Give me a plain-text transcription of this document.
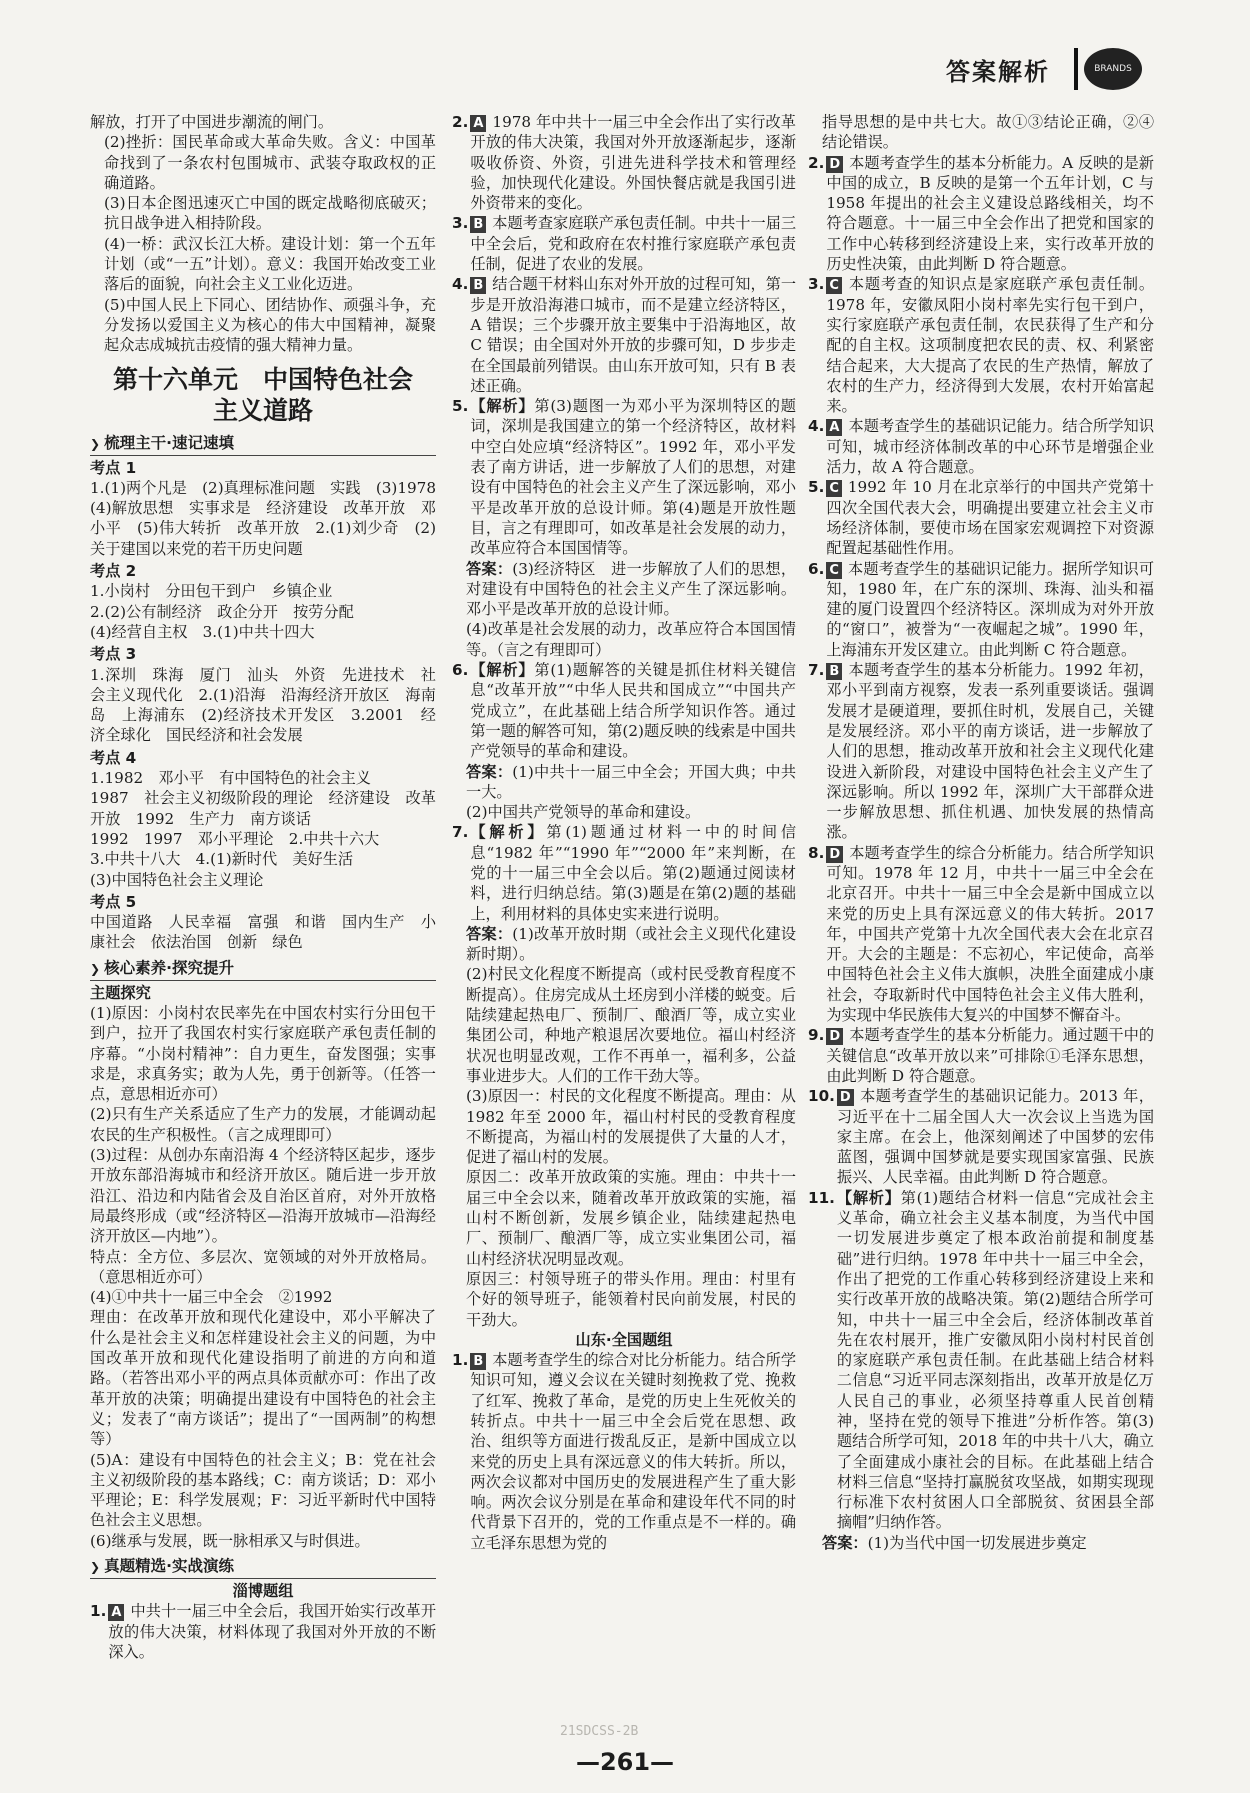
答案解析	BRANDS

解放，打开了中国进步潮流的闸门。

(2)挫折：国民革命或大革命失败。含义：中国革命找到了一条农村包围城市、武装夺取政权的正确道路。

(3)日本企图迅速灭亡中国的既定战略彻底破灭；抗日战争进入相持阶段。

(4)一桥：武汉长江大桥。建设计划：第一个五年计划（或“一五”计划）。意义：我国开始改变工业落后的面貌，向社会主义工业化迈进。

(5)中国人民上下同心、团结协作、顽强斗争，充分发扬以爱国主义为核心的伟大中国精神，凝聚起众志成城抗击疫情的强大精神力量。

第十六单元　中国特色社会
主义道路
❯ 梳理主干·速记速填
考点 1

1.(1)两个凡是　(2)真理标准问题　实践　(3)1978　(4)解放思想　实事求是　经济建设　改革开放　邓小平　(5)伟大转折　改革开放　2.(1)刘少奇　(2)关于建国以来党的若干历史问题

考点 2

1.小岗村　分田包干到户　乡镇企业

2.(2)公有制经济　政企分开　按劳分配

(4)经营自主权　3.(1)中共十四大

考点 3

1.深圳　珠海　厦门　汕头　外资　先进技术　社会主义现代化　2.(1)沿海　沿海经济开放区　海南岛　上海浦东　(2)经济技术开发区　3.2001　经济全球化　国民经济和社会发展

考点 4

1.1982　邓小平　有中国特色的社会主义

1987　社会主义初级阶段的理论　经济建设　改革开放　1992　生产力　南方谈话

1992　1997　邓小平理论　2.中共十六大

3.中共十八大　4.(1)新时代　美好生活

(3)中国特色社会主义理论

考点 5

中国道路　人民幸福　富强　和谐　国内生产　小康社会　依法治国　创新　绿色

❯ 核心素养·探究提升
主题探究

(1)原因：小岗村农民率先在中国农村实行分田包干到户，拉开了我国农村实行家庭联产承包责任制的序幕。“小岗村精神”：自力更生，奋发图强；实事求是，求真务实；敢为人先，勇于创新等。（任答一点，意思相近亦可）

(2)只有生产关系适应了生产力的发展，才能调动起农民的生产积极性。（言之成理即可）

(3)过程：从创办东南沿海 4 个经济特区起步，逐步开放东部沿海城市和经济开放区。随后进一步开放沿江、沿边和内陆省会及自治区首府，对外开放格局最终形成（或“经济特区—沿海开放城市—沿海经济开放区—内地”）。

特点：全方位、多层次、宽领域的对外开放格局。（意思相近亦可）

(4)①中共十一届三中全会　②1992

理由：在改革开放和现代化建设中，邓小平解决了什么是社会主义和怎样建设社会主义的问题，为中国改革开放和现代化建设指明了前进的方向和道路。（若答出邓小平的两点具体贡献亦可：作出了改革开放的决策；明确提出建设有中国特色的社会主义；发表了“南方谈话”；提出了“一国两制”的构想等）

(5)A：建设有中国特色的社会主义；B：党在社会主义初级阶段的基本路线；C：南方谈话；D：邓小平理论；E：科学发展观；F：习近平新时代中国特色社会主义思想。

(6)继承与发展，既一脉相承又与时俱进。

❯ 真题精选·实战演练
淄博题组
1. A 中共十一届三中全会后，我国开始实行改革开放的伟大决策，材料体现了我国对外开放的不断深入。
2. A 1978 年中共十一届三中全会作出了实行改革开放的伟大决策，我国对外开放逐渐起步，逐渐吸收侨资、外资，引进先进科学技术和管理经验，加快现代化建设。外国快餐店就是我国引进外资带来的变化。
3. B 本题考查家庭联产承包责任制。中共十一届三中全会后，党和政府在农村推行家庭联产承包责任制，促进了农业的发展。
4. B 结合题干材料山东对外开放的过程可知，第一步是开放沿海港口城市，而不是建立经济特区，A 错误；三个步骤开放主要集中于沿海地区，故 C 错误；由全国对外开放的步骤可知，D 步步走在全国最前列错误。由山东开放可知，只有 B 表述正确。
5. 【解析】第(3)题图一为邓小平为深圳特区的题词，深圳是我国建立的第一个经济特区，故材料中空白处应填“经济特区”。1992 年，邓小平发表了南方讲话，进一步解放了人们的思想，对建设有中国特色的社会主义产生了深远影响，邓小平是改革开放的总设计师。第(4)题是开放性题目，言之有理即可，如改革是社会发展的动力，改革应符合本国国情等。

答案：(3)经济特区　进一步解放了人们的思想，对建设有中国特色的社会主义产生了深远影响。邓小平是改革开放的总设计师。

(4)改革是社会发展的动力，改革应符合本国国情等。（言之有理即可）

6. 【解析】第(1)题解答的关键是抓住材料关键信息“改革开放”“中华人民共和国成立”“中国共产党成立”，在此基础上结合所学知识作答。通过第一题的解答可知，第(2)题反映的线索是中国共产党领导的革命和建设。

答案：(1)中共十一届三中全会；开国大典；中共一大。

(2)中国共产党领导的革命和建设。

7. 【解析】第(1)题通过材料一中的时间信息“1982 年”“1990 年”“2000 年”来判断，在党的十一届三中全会以后。第(2)题通过阅读材料，进行归纳总结。第(3)题是在第(2)题的基础上，利用材料的具体史实来进行说明。

答案：(1)改革开放时期（或社会主义现代化建设新时期）。

(2)村民文化程度不断提高（或村民受教育程度不断提高）。住房完成从土坯房到小洋楼的蜕变。后陆续建起热电厂、预制厂、酿酒厂等，成立实业集团公司，种地产粮退居次要地位。福山村经济状况也明显改观，工作不再单一，福利多，公益事业进步大。人们的工作干劲大等。

(3)原因一：村民的文化程度不断提高。理由：从 1982 年至 2000 年，福山村村民的受教育程度不断提高，为福山村的发展提供了大量的人才，促进了福山村的发展。

原因二：改革开放政策的实施。理由：中共十一届三中全会以来，随着改革开放政策的实施，福山村不断创新，发展乡镇企业，陆续建起热电厂、预制厂、酿酒厂等，成立实业集团公司，福山村经济状况明显改观。

原因三：村领导班子的带头作用。理由：村里有个好的领导班子，能领着村民向前发展，村民的干劲大。

山东·全国题组
1. B 本题考查学生的综合对比分析能力。结合所学知识可知，遵义会议在关键时刻挽救了党、挽救了红军、挽救了革命，是党的历史上生死攸关的转折点。中共十一届三中全会后党在思想、政治、组织等方面进行拨乱反正，是新中国成立以来党的历史上具有深远意义的伟大转折。所以，两次会议都对中国历史的发展进程产生了重大影响。两次会议分别是在革命和建设年代不同的时代背景下召开的，党的工作重点是不一样的。确立毛泽东思想为党的

指导思想的是中共七大。故①③结论正确，②④结论错误。

2. D 本题考查学生的基本分析能力。A 反映的是新中国的成立，B 反映的是第一个五年计划，C 与 1958 年提出的社会主义建设总路线相关，均不符合题意。十一届三中全会作出了把党和国家的工作中心转移到经济建设上来，实行改革开放的历史性决策，由此判断 D 符合题意。
3. C 本题考查的知识点是家庭联产承包责任制。1978 年，安徽凤阳小岗村率先实行包干到户，实行家庭联产承包责任制，农民获得了生产和分配的自主权。这项制度把农民的责、权、利紧密结合起来，大大提高了农民的生产热情，解放了农村的生产力，经济得到大发展，农村开始富起来。
4. A 本题考查学生的基础识记能力。结合所学知识可知，城市经济体制改革的中心环节是增强企业活力，故 A 符合题意。
5. C 1992 年 10 月在北京举行的中国共产党第十四次全国代表大会，明确提出要建立社会主义市场经济体制，要使市场在国家宏观调控下对资源配置起基础性作用。
6. C 本题考查学生的基础识记能力。据所学知识可知，1980 年，在广东的深圳、珠海、汕头和福建的厦门设置四个经济特区。深圳成为对外开放的“窗口”，被誉为“一夜崛起之城”。1990 年，上海浦东开发区建立。由此判断 C 符合题意。
7. B 本题考查学生的基本分析能力。1992 年初，邓小平到南方视察，发表一系列重要谈话。强调发展才是硬道理，要抓住时机，发展自己，关键是发展经济。邓小平的南方谈话，进一步解放了人们的思想，推动改革开放和社会主义现代化建设进入新阶段，对建设中国特色社会主义产生了深远影响。所以 1992 年，深圳广大干部群众进一步解放思想、抓住机遇、加快发展的热情高涨。
8. D 本题考查学生的综合分析能力。结合所学知识可知。1978 年 12 月，中共十一届三中全会在北京召开。中共十一届三中全会是新中国成立以来党的历史上具有深远意义的伟大转折。2017 年，中国共产党第十九次全国代表大会在北京召开。大会的主题是：不忘初心，牢记使命，高举中国特色社会主义伟大旗帜，决胜全面建成小康社会，夺取新时代中国特色社会主义伟大胜利，为实现中华民族伟大复兴的中国梦不懈奋斗。
9. D 本题考查学生的基本分析能力。通过题干中的关键信息“改革开放以来”可排除①毛泽东思想，由此判断 D 符合题意。
10. D 本题考查学生的基础识记能力。2013 年，习近平在十二届全国人大一次会议上当选为国家主席。在会上，他深刻阐述了中国梦的宏伟蓝图，强调中国梦就是要实现国家富强、民族振兴、人民幸福。由此判断 D 符合题意。
11. 【解析】第(1)题结合材料一信息“完成社会主义革命，确立社会主义基本制度，为当代中国一切发展进步奠定了根本政治前提和制度基础”进行归纳。1978 年中共十一届三中全会，作出了把党的工作重心转移到经济建设上来和实行改革开放的战略决策。第(2)题结合所学可知，中共十一届三中全会后，经济体制改革首先在农村展开，推广安徽凤阳小岗村村民首创的家庭联产承包责任制。在此基础上结合材料二信息“习近平同志深刻指出，改革开放是亿万人民自己的事业，必须坚持尊重人民首创精神，坚持在党的领导下推进”分析作答。第(3)题结合所学可知，2018 年的中共十八大，确立了全面建成小康社会的目标。在此基础上结合材料三信息“坚持打赢脱贫攻坚战，如期实现现行标准下农村贫困人口全部脱贫、贫困县全部摘帽”归纳作答。

答案：(1)为当代中国一切发展进步奠定

21SDCSS-2B
—261—
